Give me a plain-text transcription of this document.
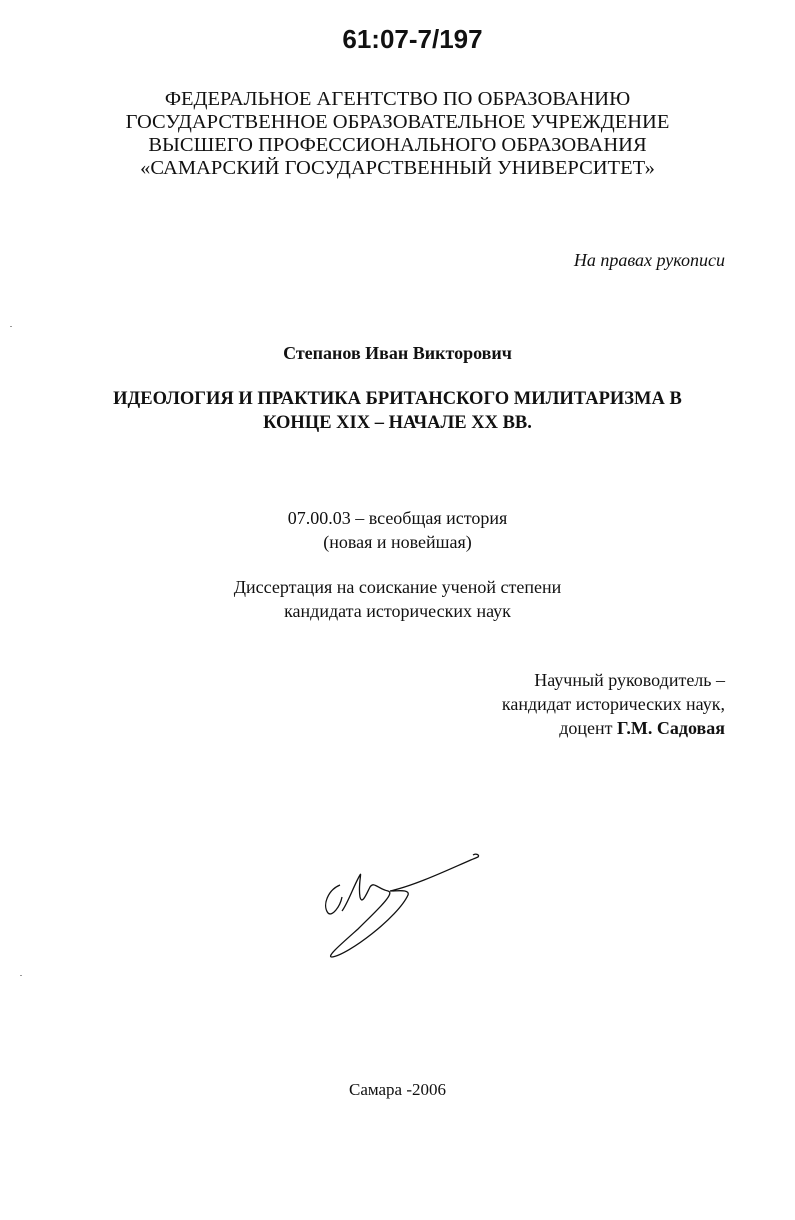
61:07-7/197
ФЕДЕРАЛЬНОЕ АГЕНТСТВО ПО ОБРАЗОВАНИЮ
ГОСУДАРСТВЕННОЕ ОБРАЗОВАТЕЛЬНОЕ УЧРЕЖДЕНИЕ
ВЫСШЕГО ПРОФЕССИОНАЛЬНОГО ОБРАЗОВАНИЯ
«САМАРСКИЙ ГОСУДАРСТВЕННЫЙ УНИВЕРСИТЕТ»
На правах рукописи
Степанов Иван Викторович
ИДЕОЛОГИЯ И ПРАКТИКА БРИТАНСКОГО МИЛИТАРИЗМА В
КОНЦЕ XIX – НАЧАЛЕ XX ВВ.
07.00.03 – всеобщая история
(новая и новейшая)
Диссертация на соискание ученой степени
кандидата исторических наук
Научный руководитель –
кандидат исторических наук,
доцент Г.М. Садовая
Самара -2006
